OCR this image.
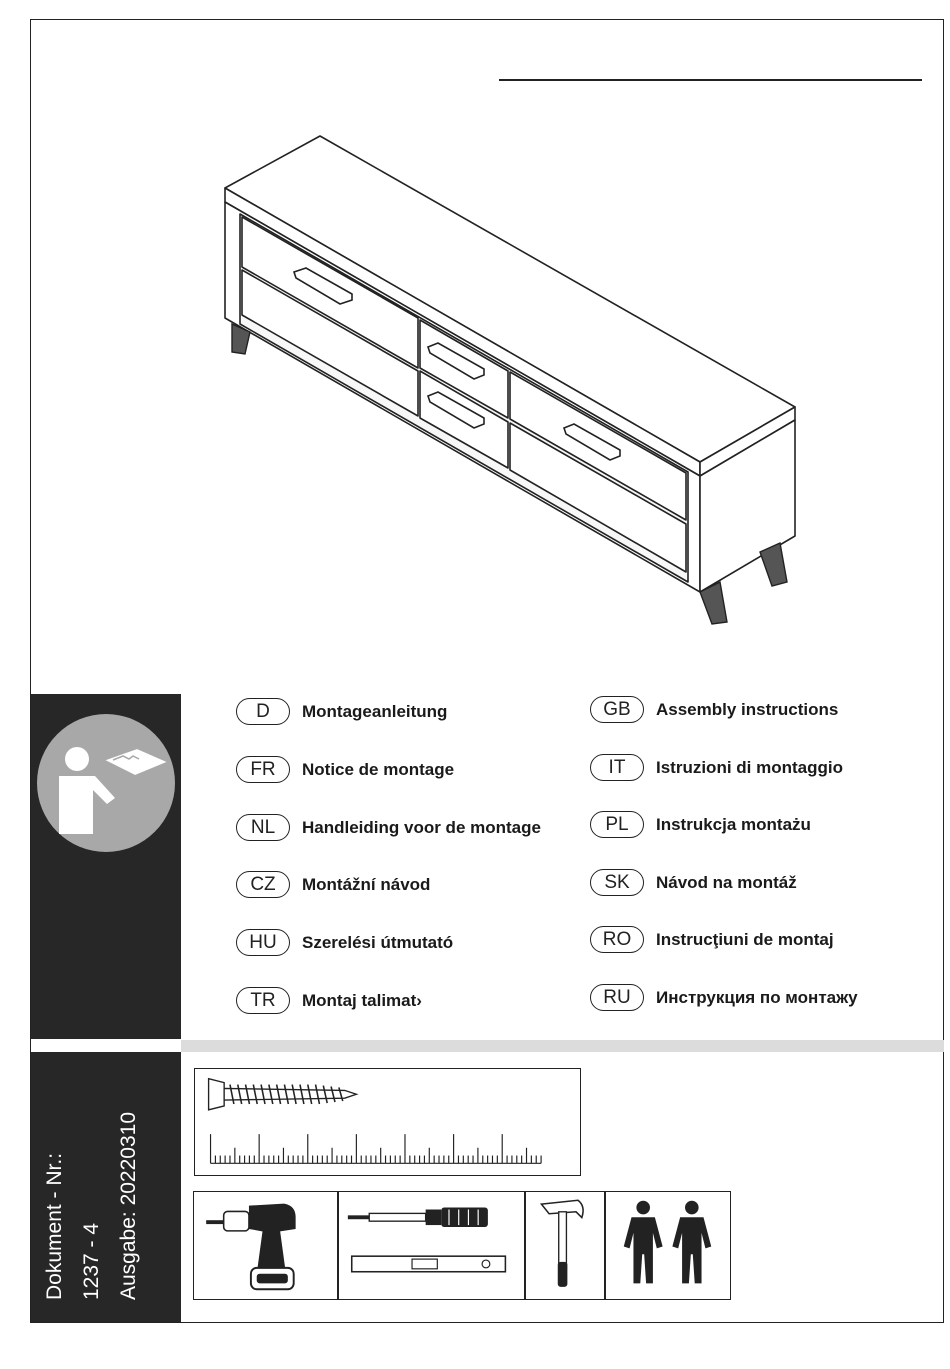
Dokument - Nr.: 1237 - 4 Ausgabe: 20220310
D	Montageanleitung	GB	Assembly instructions
FR	Notice de montage	IT	Istruzioni di montaggio
NL	Handleiding voor de montage	PL	Instrukcja montażu
CZ	Montážní návod	SK	Návod na montáž
HU	Szerelési útmutató	RO	Instrucţiuni de montaj
TR	Montaj talimat›	RU	Инструкция по монтажу
